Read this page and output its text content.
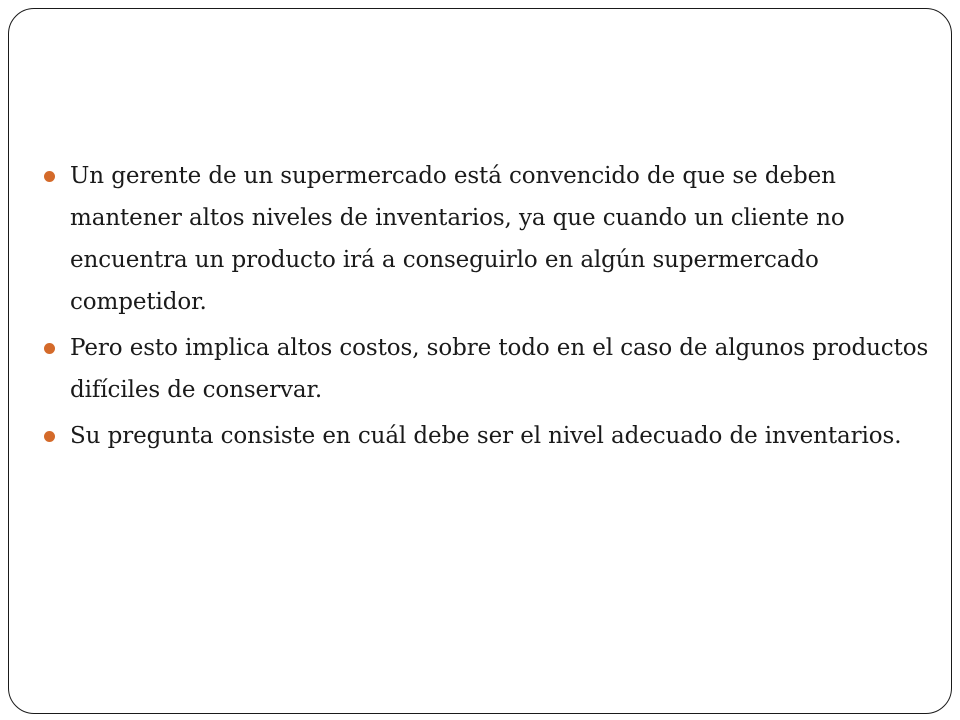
Un gerente de un supermercado está convencido de que se deben mantener altos niveles de inventarios, ya que cuando un cliente no encuentra un producto irá a conseguirlo en algún supermercado competidor.
Pero esto implica altos costos, sobre todo en el caso de algunos productos difíciles de conservar.
Su pregunta consiste en cuál debe ser el nivel adecuado de inventarios.
